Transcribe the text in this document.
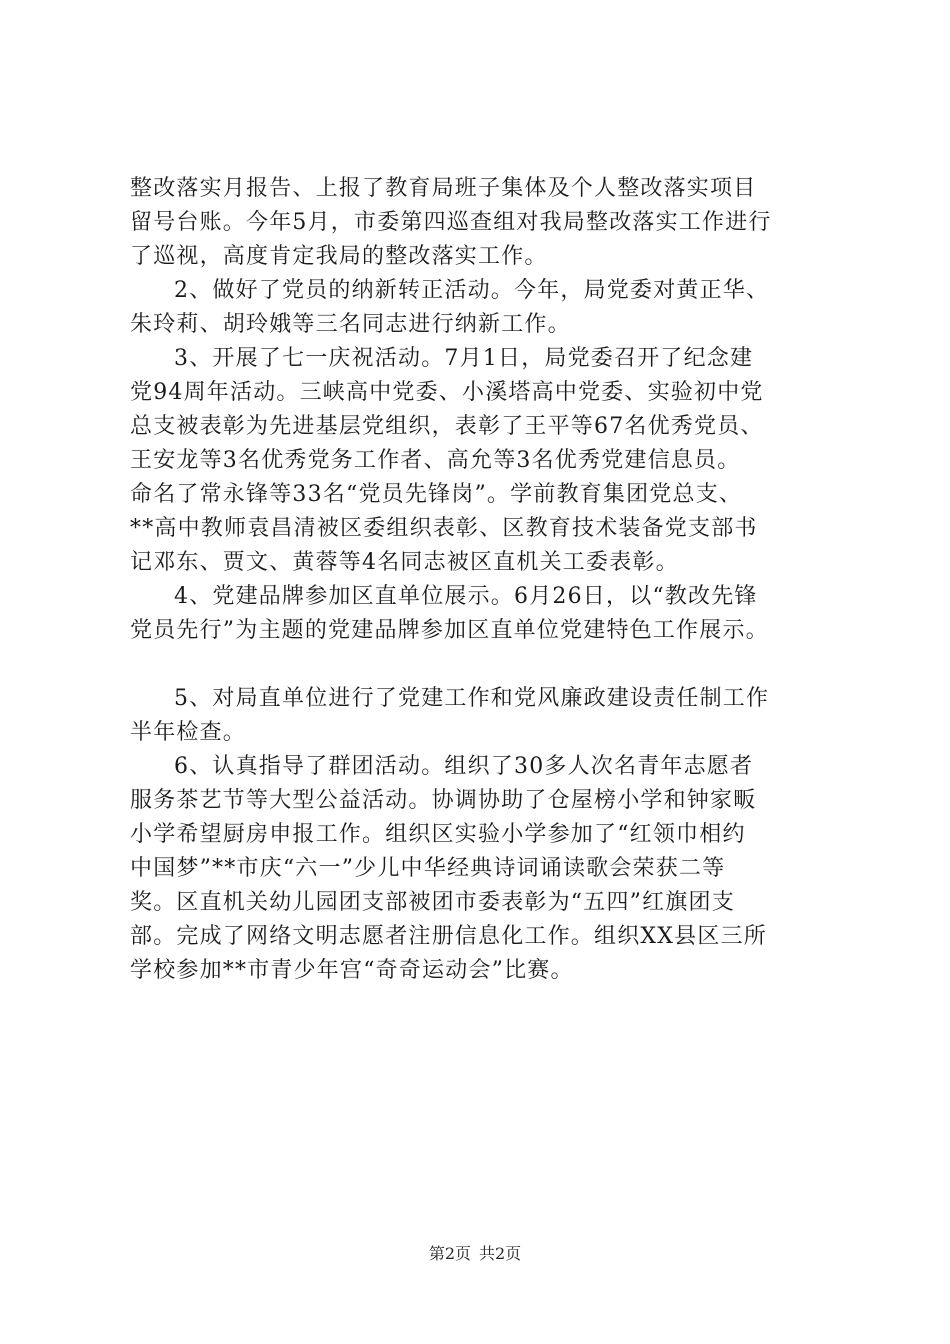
整改落实月报告、上报了教育局班子集体及个人整改落实项目
留号台账。今年5月，市委第四巡查组对我局整改落实工作进行
了巡视，高度肯定我局的整改落实工作。
2、做好了党员的纳新转正活动。今年，局党委对黄正华、
朱玲莉、胡玲娥等三名同志进行纳新工作。
3、开展了七一庆祝活动。7月1日，局党委召开了纪念建
党94周年活动。三峡高中党委、小溪塔高中党委、实验初中党
总支被表彰为先进基层党组织，表彰了王平等67名优秀党员、
王安龙等3名优秀党务工作者、高允等3名优秀党建信息员。
命名了常永锋等33名“党员先锋岗”。学前教育集团党总支、
**高中教师袁昌清被区委组织表彰、区教育技术装备党支部书
记邓东、贾文、黄蓉等4名同志被区直机关工委表彰。
4、党建品牌参加区直单位展示。6月26日，以“教改先锋
党员先行”为主题的党建品牌参加区直单位党建特色工作展示。
5、对局直单位进行了党建工作和党风廉政建设责任制工作
半年检查。
6、认真指导了群团活动。组织了30多人次名青年志愿者
服务茶艺节等大型公益活动。协调协助了仓屋榜小学和钟家畈
小学希望厨房申报工作。组织区实验小学参加了“红领巾相约
中国梦”**市庆“六一”少儿中华经典诗词诵读歌会荣获二等
奖。区直机关幼儿园团支部被团市委表彰为“五四”红旗团支
部。完成了网络文明志愿者注册信息化工作。组织XX县区三所
学校参加**市青少年宫“奇奇运动会”比赛。
第2页 共2页
